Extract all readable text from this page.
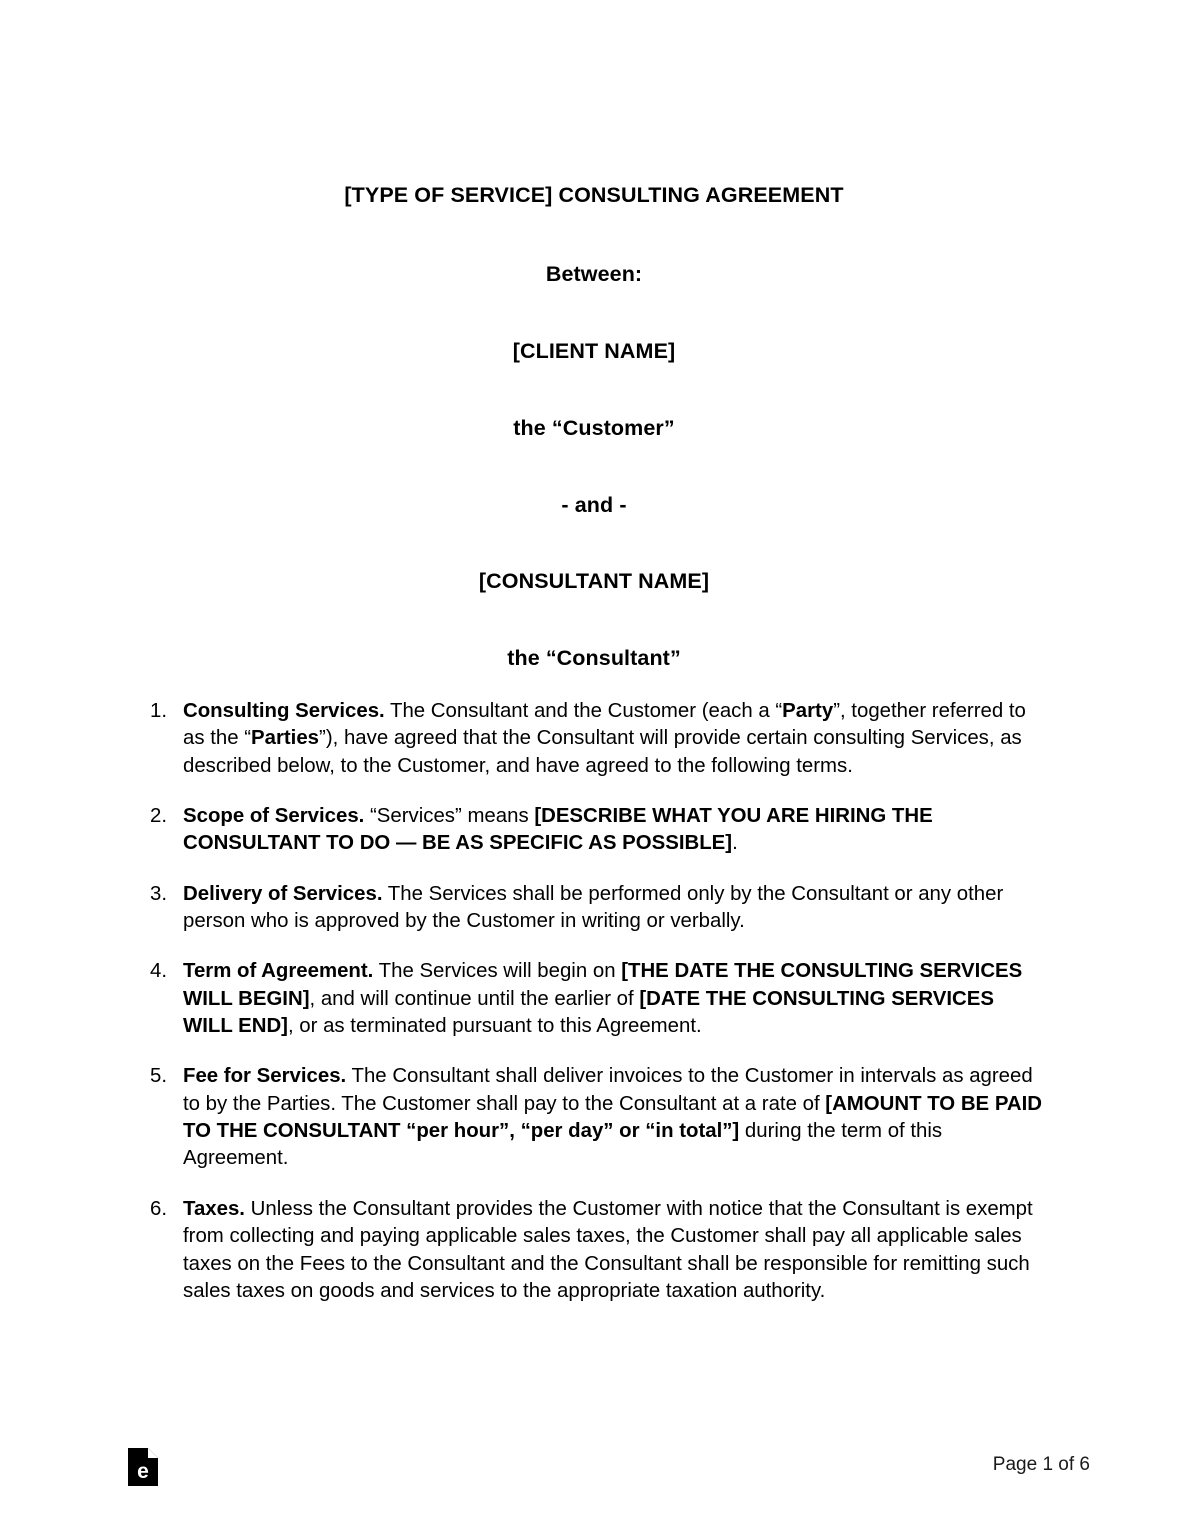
[TYPE OF SERVICE] CONSULTING AGREEMENT
Between:
[CLIENT NAME]
the “Customer”
- and -
[CONSULTANT NAME]
the “Consultant”
1. Consulting Services. The Consultant and the Customer (each a “Party”, together referred to as the “Parties”), have agreed that the Consultant will provide certain consulting Services, as described below, to the Customer, and have agreed to the following terms.
2. Scope of Services. “Services” means [DESCRIBE WHAT YOU ARE HIRING THE CONSULTANT TO DO — BE AS SPECIFIC AS POSSIBLE].
3. Delivery of Services. The Services shall be performed only by the Consultant or any other person who is approved by the Customer in writing or verbally.
4. Term of Agreement. The Services will begin on [THE DATE THE CONSULTING SERVICES WILL BEGIN], and will continue until the earlier of [DATE THE CONSULTING SERVICES WILL END], or as terminated pursuant to this Agreement.
5. Fee for Services. The Consultant shall deliver invoices to the Customer in intervals as agreed to by the Parties. The Customer shall pay to the Consultant at a rate of [AMOUNT TO BE PAID TO THE CONSULTANT “per hour”, “per day” or “in total”] during the term of this Agreement.
6. Taxes. Unless the Consultant provides the Customer with notice that the Consultant is exempt from collecting and paying applicable sales taxes, the Customer shall pay all applicable sales taxes on the Fees to the Consultant and the Consultant shall be responsible for remitting such sales taxes on goods and services to the appropriate taxation authority.
e	Page 1 of 6
